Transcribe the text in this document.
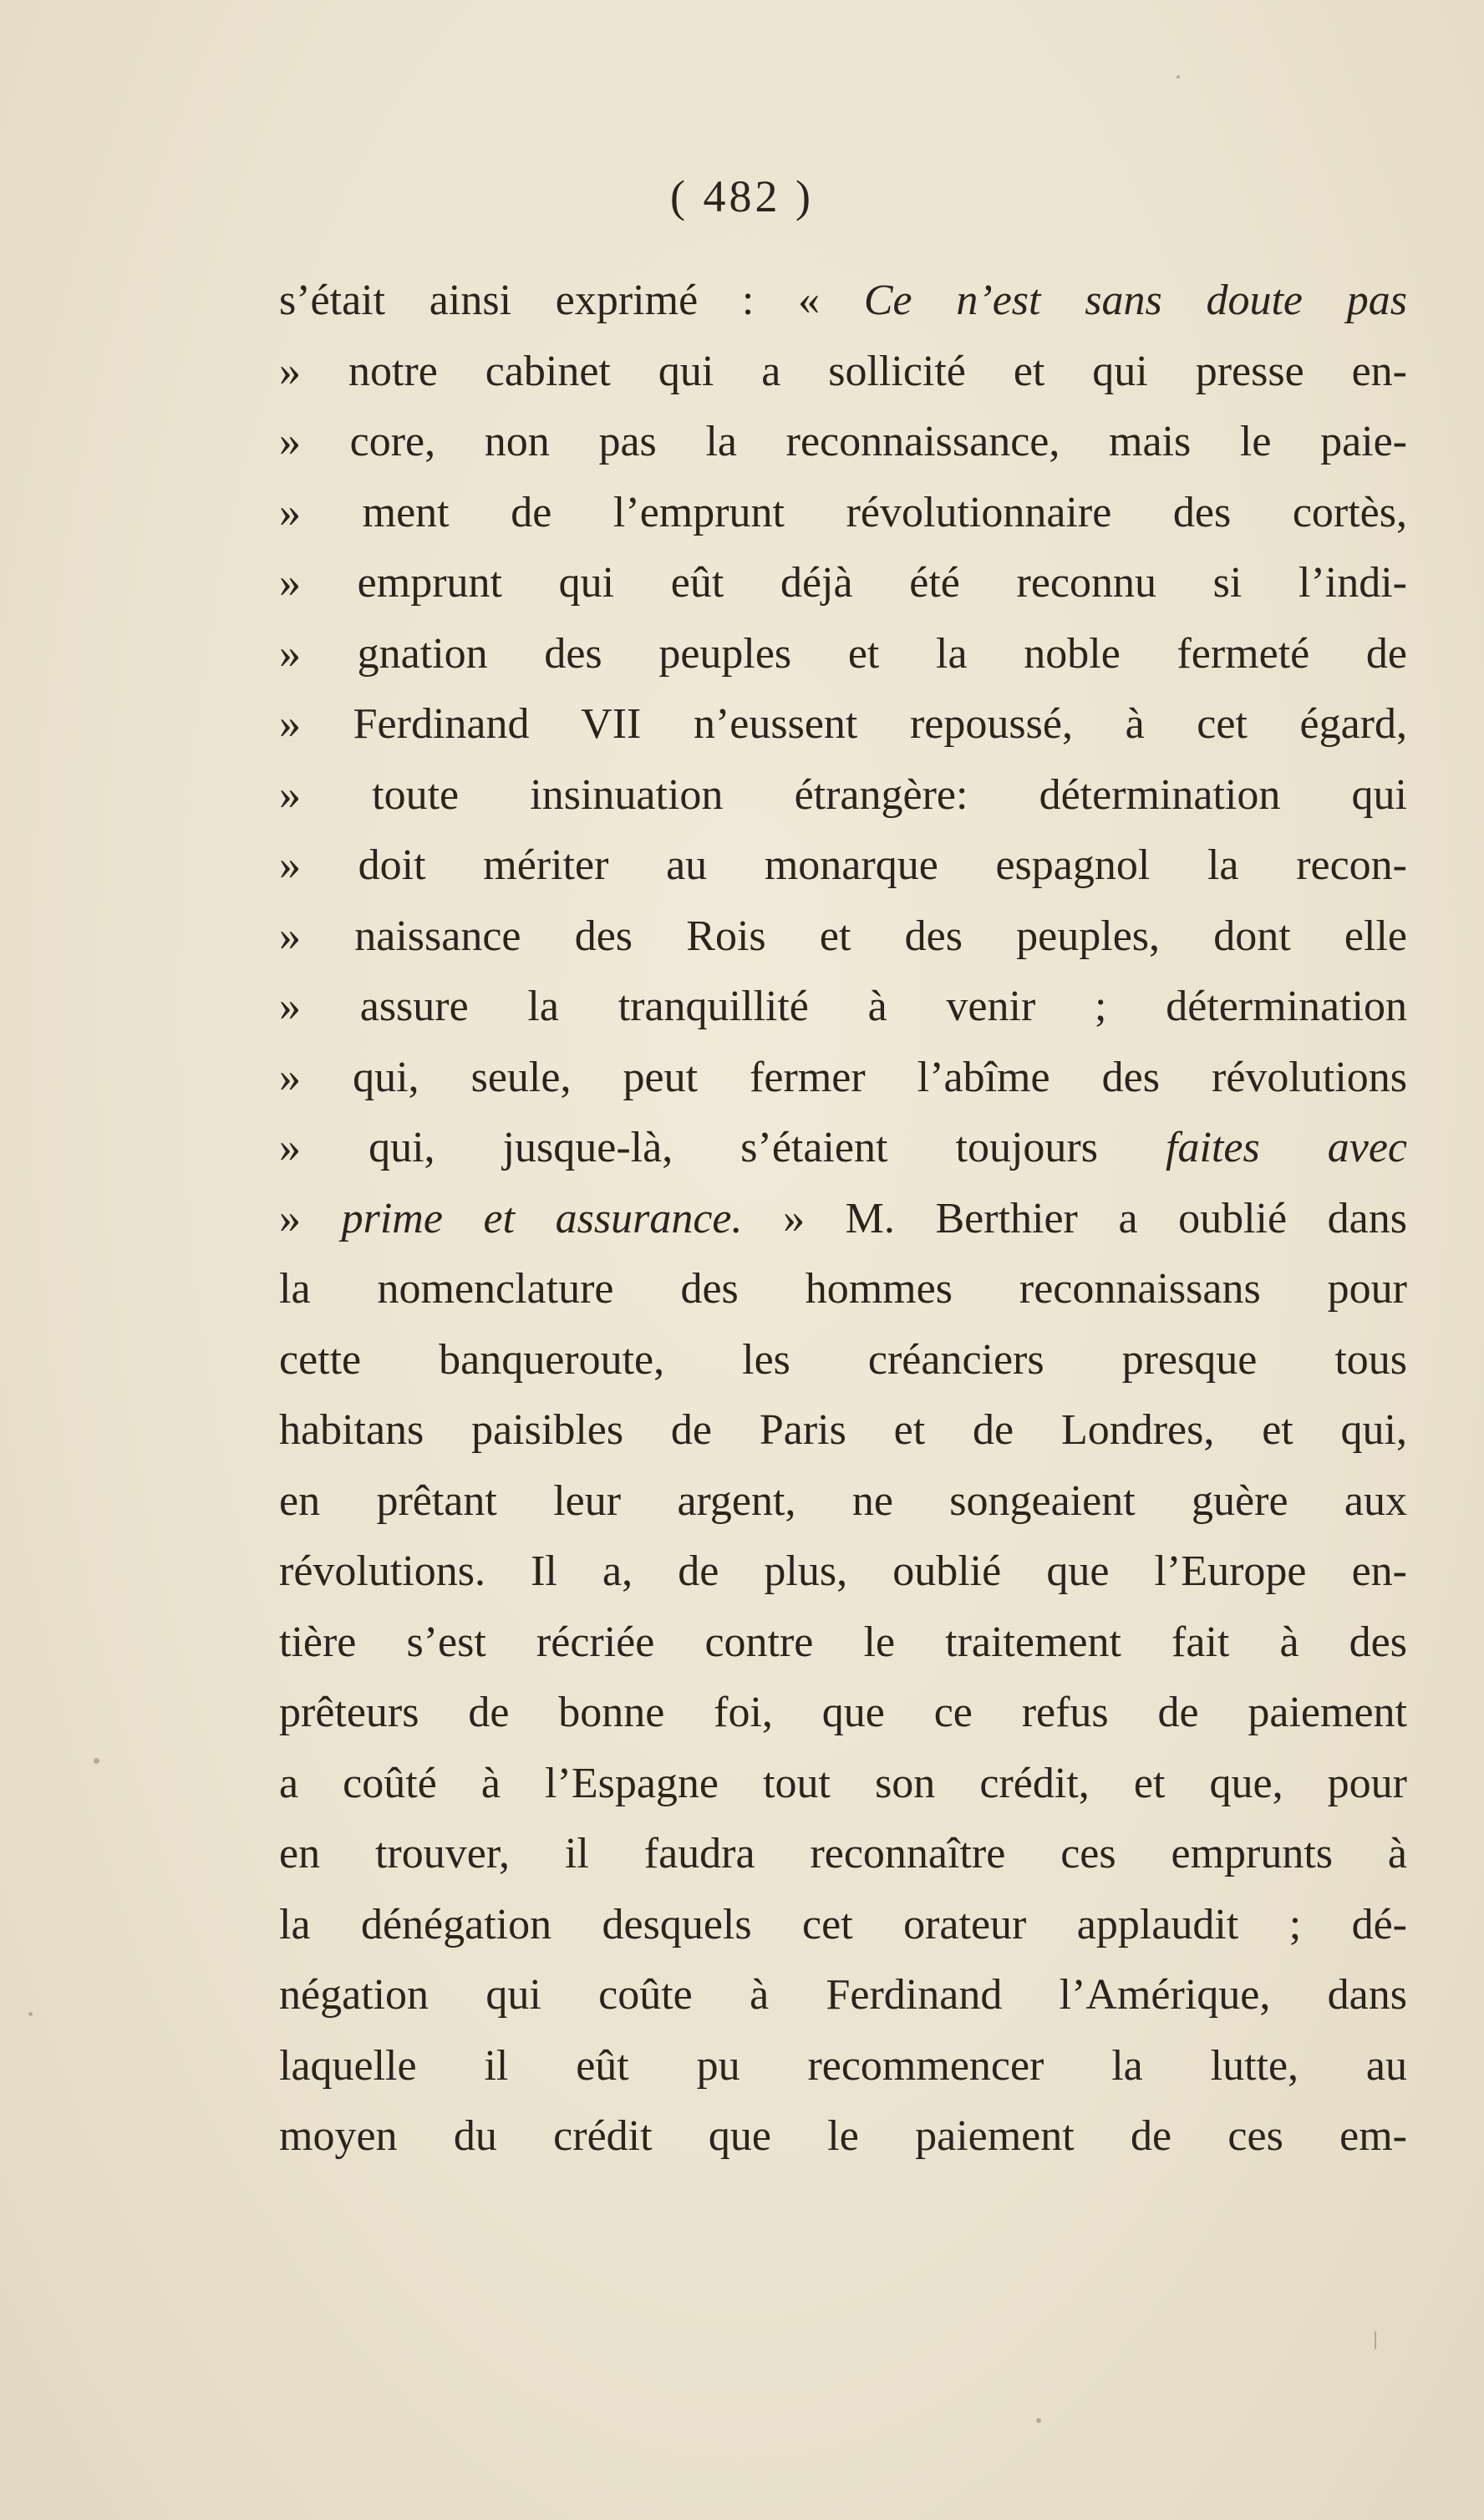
( 482 )
s’était ainsi exprimé : « Ce n’est sans doute pas
» notre cabinet qui a sollicité et qui presse en-
» core, non pas la reconnaissance, mais le paie-
» ment de l’emprunt révolutionnaire des cortès,
» emprunt qui eût déjà été reconnu si l’indi-
» gnation des peuples et la noble fermeté de
» Ferdinand VII n’eussent repoussé, à cet égard,
» toute insinuation étrangère: détermination qui
» doit mériter au monarque espagnol la recon-
» naissance des Rois et des peuples, dont elle
» assure la tranquillité à venir ; détermination
» qui, seule, peut fermer l’abîme des révolutions
» qui, jusque-là, s’étaient toujours faites avec
» prime et assurance. » M. Berthier a oublié dans
la nomenclature des hommes reconnaissans pour
cette banqueroute, les créanciers presque tous
habitans paisibles de Paris et de Londres, et qui,
en prêtant leur argent, ne songeaient guère aux
révolutions. Il a, de plus, oublié que l’Europe en-
tière s’est récriée contre le traitement fait à des
prêteurs de bonne foi, que ce refus de paiement
a coûté à l’Espagne tout son crédit, et que, pour
en trouver, il faudra reconnaître ces emprunts à
la dénégation desquels cet orateur applaudit ; dé-
négation qui coûte à Ferdinand l’Amérique, dans
laquelle il eût pu recommencer la lutte, au
moyen du crédit que le paiement de ces em-
